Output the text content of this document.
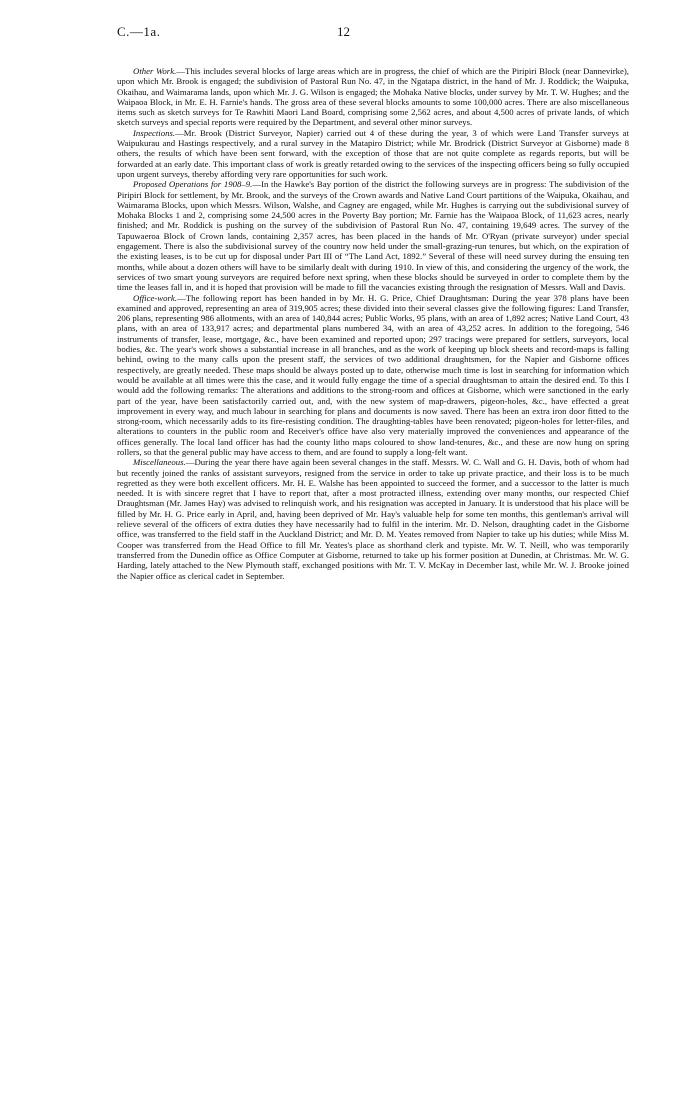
C.—1a.	12

Other Work.—This includes several blocks of large areas which are in progress, the chief of which are the Piripiri Block (near Dannevirke), upon which Mr. Brook is engaged; the subdivision of Pastoral Run No. 47, in the Ngatapa district, in the hand of Mr. J. Roddick; the Waipuka, Okaihau, and Waimarama lands, upon which Mr. J. G. Wilson is engaged; the Mohaka Native blocks, under survey by Mr. T. W. Hughes; and the Waipaoa Block, in Mr. E. H. Farnie's hands. The gross area of these several blocks amounts to some 100,000 acres. There are also miscellaneous items such as sketch surveys for Te Rawhiti Maori Land Board, comprising some 2,562 acres, and about 4,500 acres of private lands, of which sketch surveys and special reports were required by the Department, and several other minor surveys.

Inspections.—Mr. Brook (District Surveyor, Napier) carried out 4 of these during the year, 3 of which were Land Transfer surveys at Waipukurau and Hastings respectively, and a rural survey in the Matapiro District; while Mr. Brodrick (District Surveyor at Gisborne) made 8 others, the results of which have been sent forward, with the exception of those that are not quite complete as regards reports, but will be forwarded at an early date. This important class of work is greatly retarded owing to the services of the inspecting officers being so fully occupied upon urgent surveys, thereby affording very rare opportunities for such work.

Proposed Operations for 1908–9.—In the Hawke's Bay portion of the district the following surveys are in progress: The subdivision of the Piripiri Block for settlement, by Mr. Brook, and the surveys of the Crown awards and Native Land Court partitions of the Waipuka, Okaihau, and Waimarama Blocks, upon which Messrs. Wilson, Walshe, and Cagney are engaged, while Mr. Hughes is carrying out the subdivisional survey of Mohaka Blocks 1 and 2, comprising some 24,500 acres in the Poverty Bay portion; Mr. Farnie has the Waipaoa Block, of 11,623 acres, nearly finished; and Mr. Roddick is pushing on the survey of the subdivision of Pastoral Run No. 47, containing 19,649 acres. The survey of the Tapuwaeroa Block of Crown lands, containing 2,357 acres, has been placed in the hands of Mr. O'Ryan (private surveyor) under special engagement. There is also the subdivisional survey of the country now held under the small-grazing-run tenures, but which, on the expiration of the existing leases, is to be cut up for disposal under Part III of “The Land Act, 1892.” Several of these will need survey during the ensuing ten months, while about a dozen others will have to be similarly dealt with during 1910. In view of this, and considering the urgency of the work, the services of two smart young surveyors are required before next spring, when these blocks should be surveyed in order to complete them by the time the leases fall in, and it is hoped that provision will be made to fill the vacancies existing through the resignation of Messrs. Wall and Davis.

Office-work.—The following report has been handed in by Mr. H. G. Price, Chief Draughtsman: During the year 378 plans have been examined and approved, representing an area of 319,905 acres; these divided into their several classes give the following figures: Land Transfer, 206 plans, representing 986 allotments, with an area of 140,844 acres; Public Works, 95 plans, with an area of 1,892 acres; Native Land Court, 43 plans, with an area of 133,917 acres; and departmental plans numbered 34, with an area of 43,252 acres. In addition to the foregoing, 546 instruments of transfer, lease, mortgage, &c., have been examined and reported upon; 297 tracings were prepared for settlers, surveyors, local bodies, &c. The year's work shows a substantial increase in all branches, and as the work of keeping up block sheets and record-maps is falling behind, owing to the many calls upon the present staff, the services of two additional draughtsmen, for the Napier and Gisborne offices respectively, are greatly needed. These maps should be always posted up to date, otherwise much time is lost in searching for information which would be available at all times were this the case, and it would fully engage the time of a special draughtsman to attain the desired end. To this I would add the following remarks: The alterations and additions to the strong-room and offices at Gisborne, which were sanctioned in the early part of the year, have been satisfactorily carried out, and, with the new system of map-drawers, pigeon-holes, &c., have effected a great improvement in every way, and much labour in searching for plans and documents is now saved. There has been an extra iron door fitted to the strong-room, which necessarily adds to its fire-resisting condition. The draughting-tables have been renovated; pigeon-holes for letter-files, and alterations to counters in the public room and Receiver's office have also very materially improved the conveniences and appearance of the offices generally. The local land officer has had the county litho maps coloured to show land-tenures, &c., and these are now hung on spring rollers, so that the general public may have access to them, and are found to supply a long-felt want.

Miscellaneous.—During the year there have again been several changes in the staff. Messrs. W. C. Wall and G. H. Davis, both of whom had but recently joined the ranks of assistant surveyors, resigned from the service in order to take up private practice, and their loss is to be much regretted as they were both excellent officers. Mr. H. E. Walshe has been appointed to succeed the former, and a successor to the latter is much needed. It is with sincere regret that I have to report that, after a most protracted illness, extending over many months, our respected Chief Draughtsman (Mr. James Hay) was advised to relinquish work, and his resignation was accepted in January. It is understood that his place will be filled by Mr. H. G. Price early in April, and, having been deprived of Mr. Hay's valuable help for some ten months, this gentleman's arrival will relieve several of the officers of extra duties they have necessarily had to fulfil in the interim. Mr. D. Nelson, draughting cadet in the Gisborne office, was transferred to the field staff in the Auckland District; and Mr. D. M. Yeates removed from Napier to take up his duties; while Miss M. Cooper was transferred from the Head Office to fill Mr. Yeates's place as shorthand clerk and typiste. Mr. W. T. Neill, who was temporarily transferred from the Dunedin office as Office Computer at Gisborne, returned to take up his former position at Dunedin, at Christmas. Mr. W. G. Harding, lately attached to the New Plymouth staff, exchanged positions with Mr. T. V. McKay in December last, while Mr. W. J. Brooke joined the Napier office as clerical cadet in September.
